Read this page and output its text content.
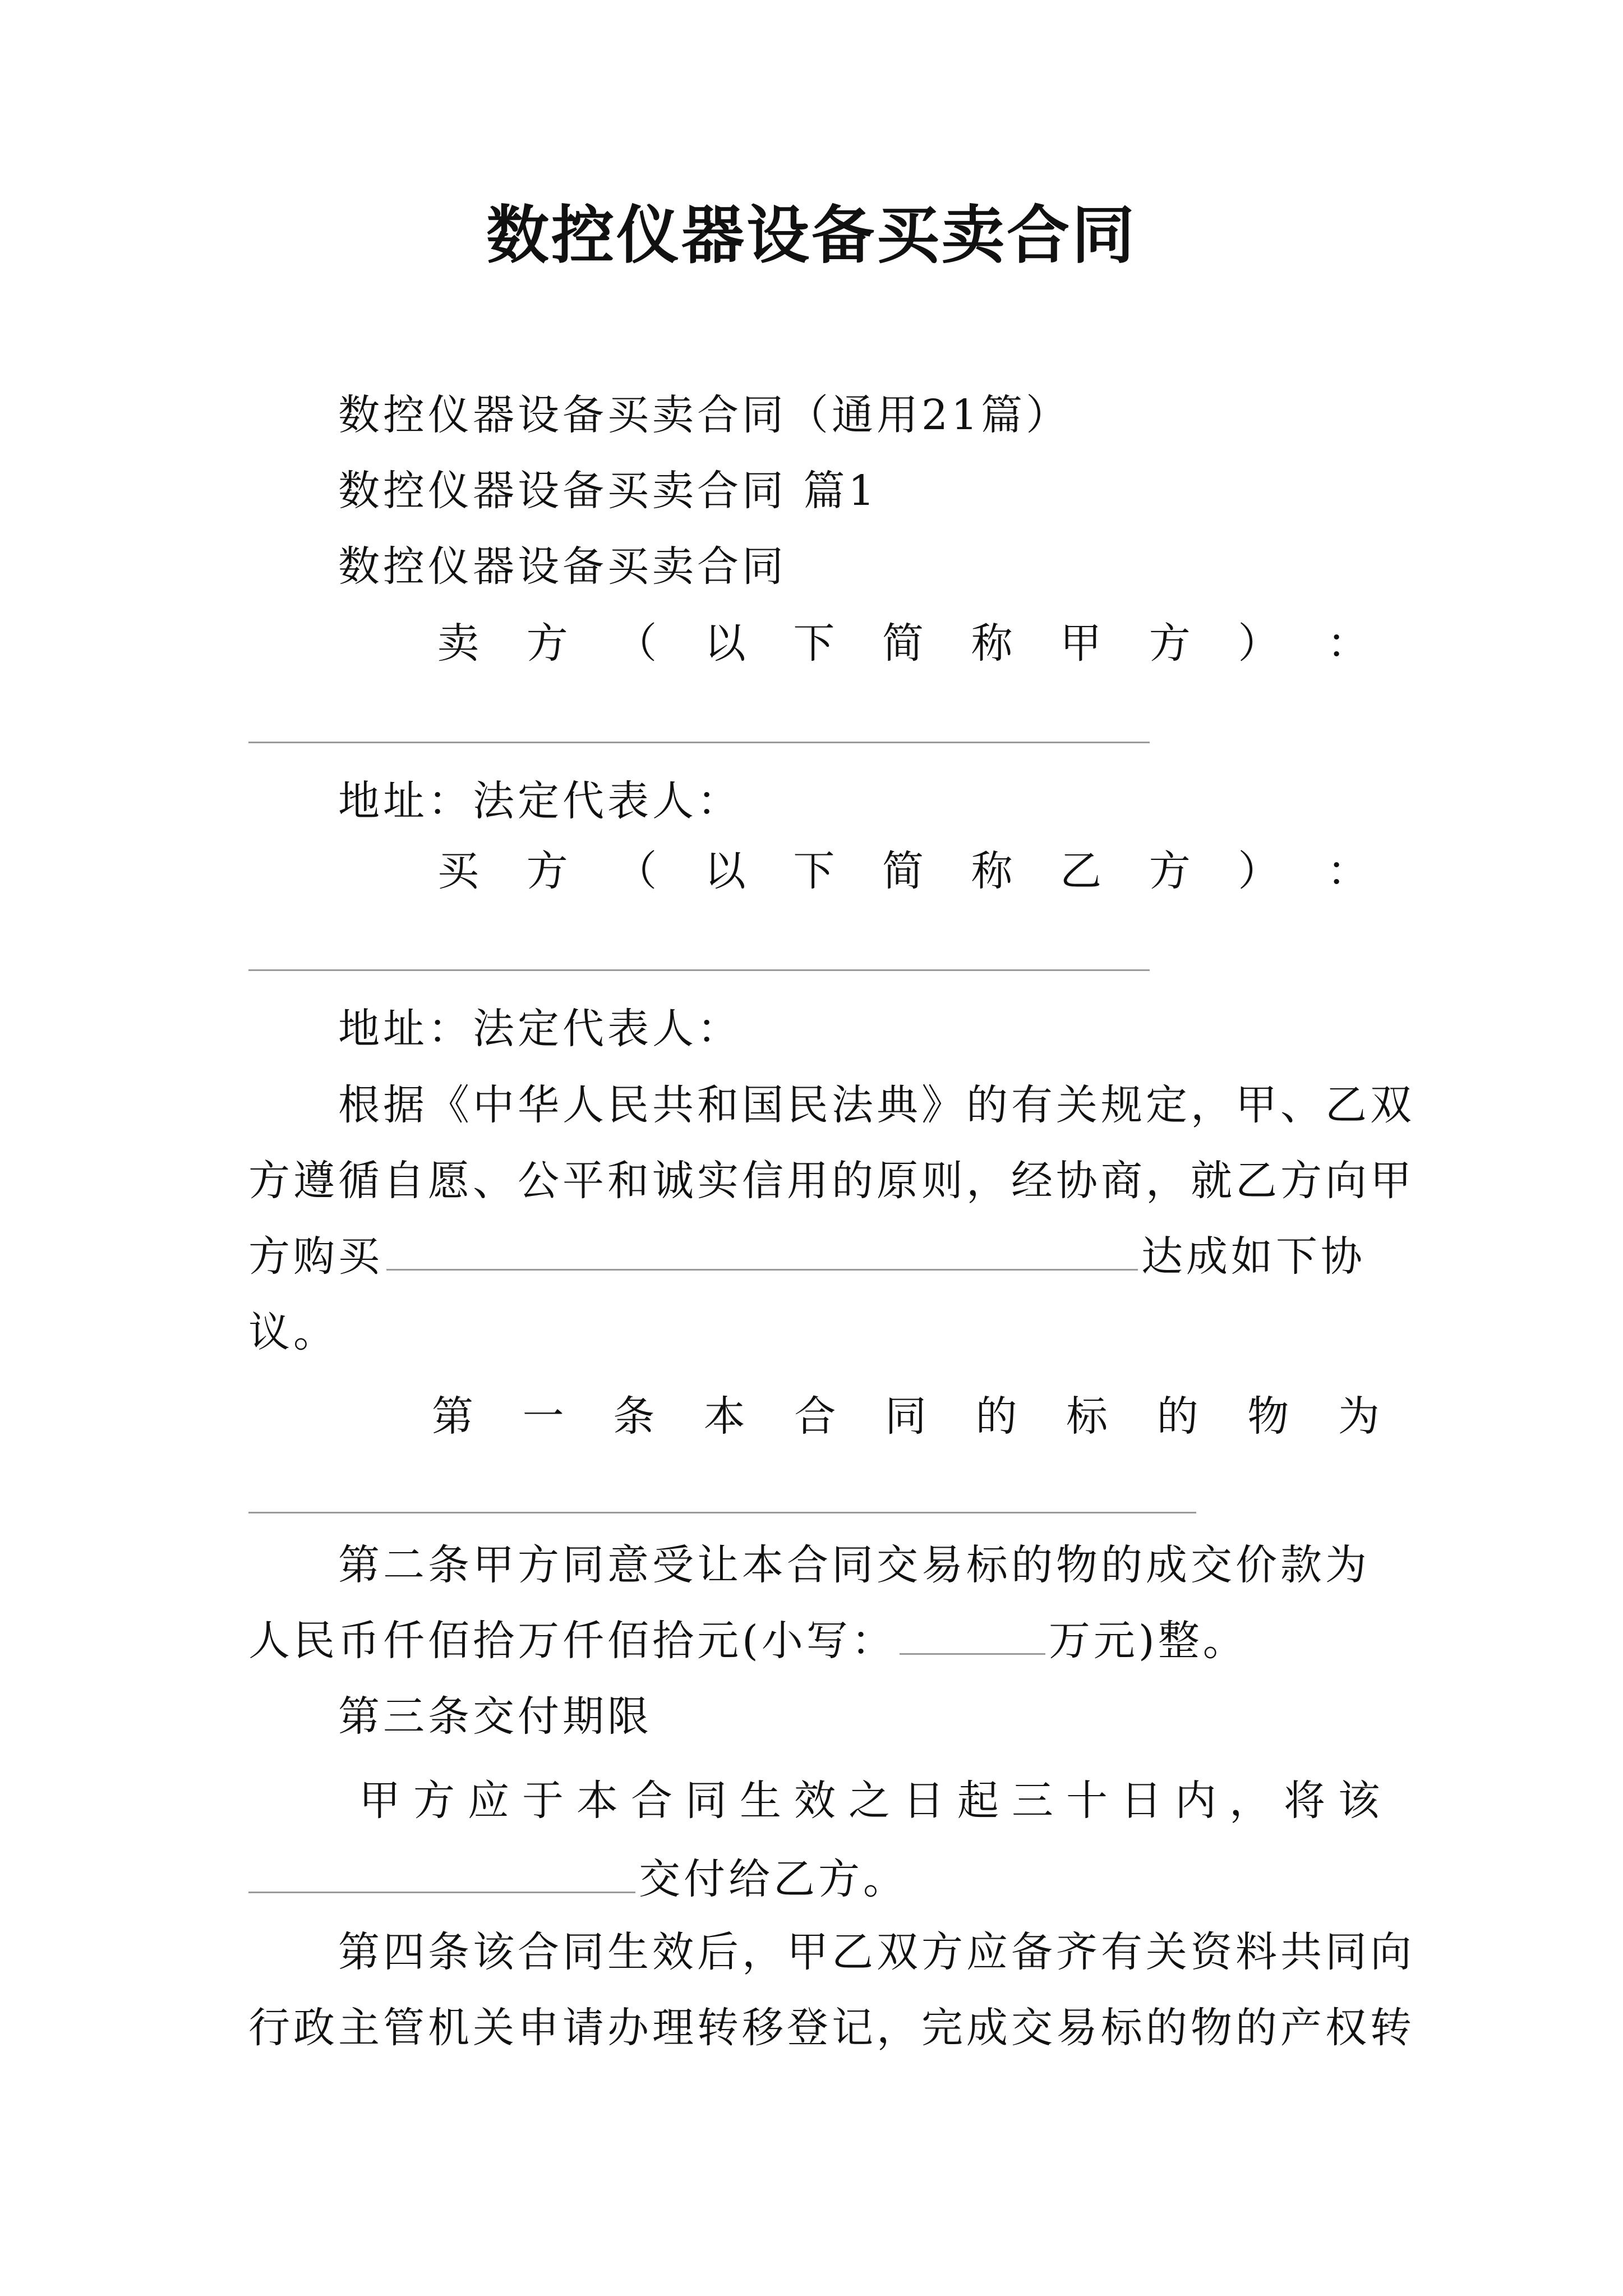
数控仪器设备买卖合同
数控仪器设备买卖合同（通用21篇）
数控仪器设备买卖合同 篇1
数控仪器设备买卖合同
卖 方 （ 以 下 简 称 甲 方 ） ：
地址：法定代表人：
买 方 （ 以 下 简 称 乙 方 ） ：
地址：法定代表人：
根据《中华人民共和国民法典》的有关规定，甲、乙双
方遵循自愿、公平和诚实信用的原则，经协商，就乙方向甲
方购买	达成如下协
议。
第 一 条 本 合 同 的 标 的 物 为
第二条甲方同意受让本合同交易标的物的成交价款为
人民币仟佰拾万仟佰拾元(小写：	万元)整。
第三条交付期限
甲 方 应 于 本 合 同 生 效 之 日 起 三 十 日 内 ， 将 该
交付给乙方。
第四条该合同生效后，甲乙双方应备齐有关资料共同向
行政主管机关申请办理转移登记，完成交易标的物的产权转
